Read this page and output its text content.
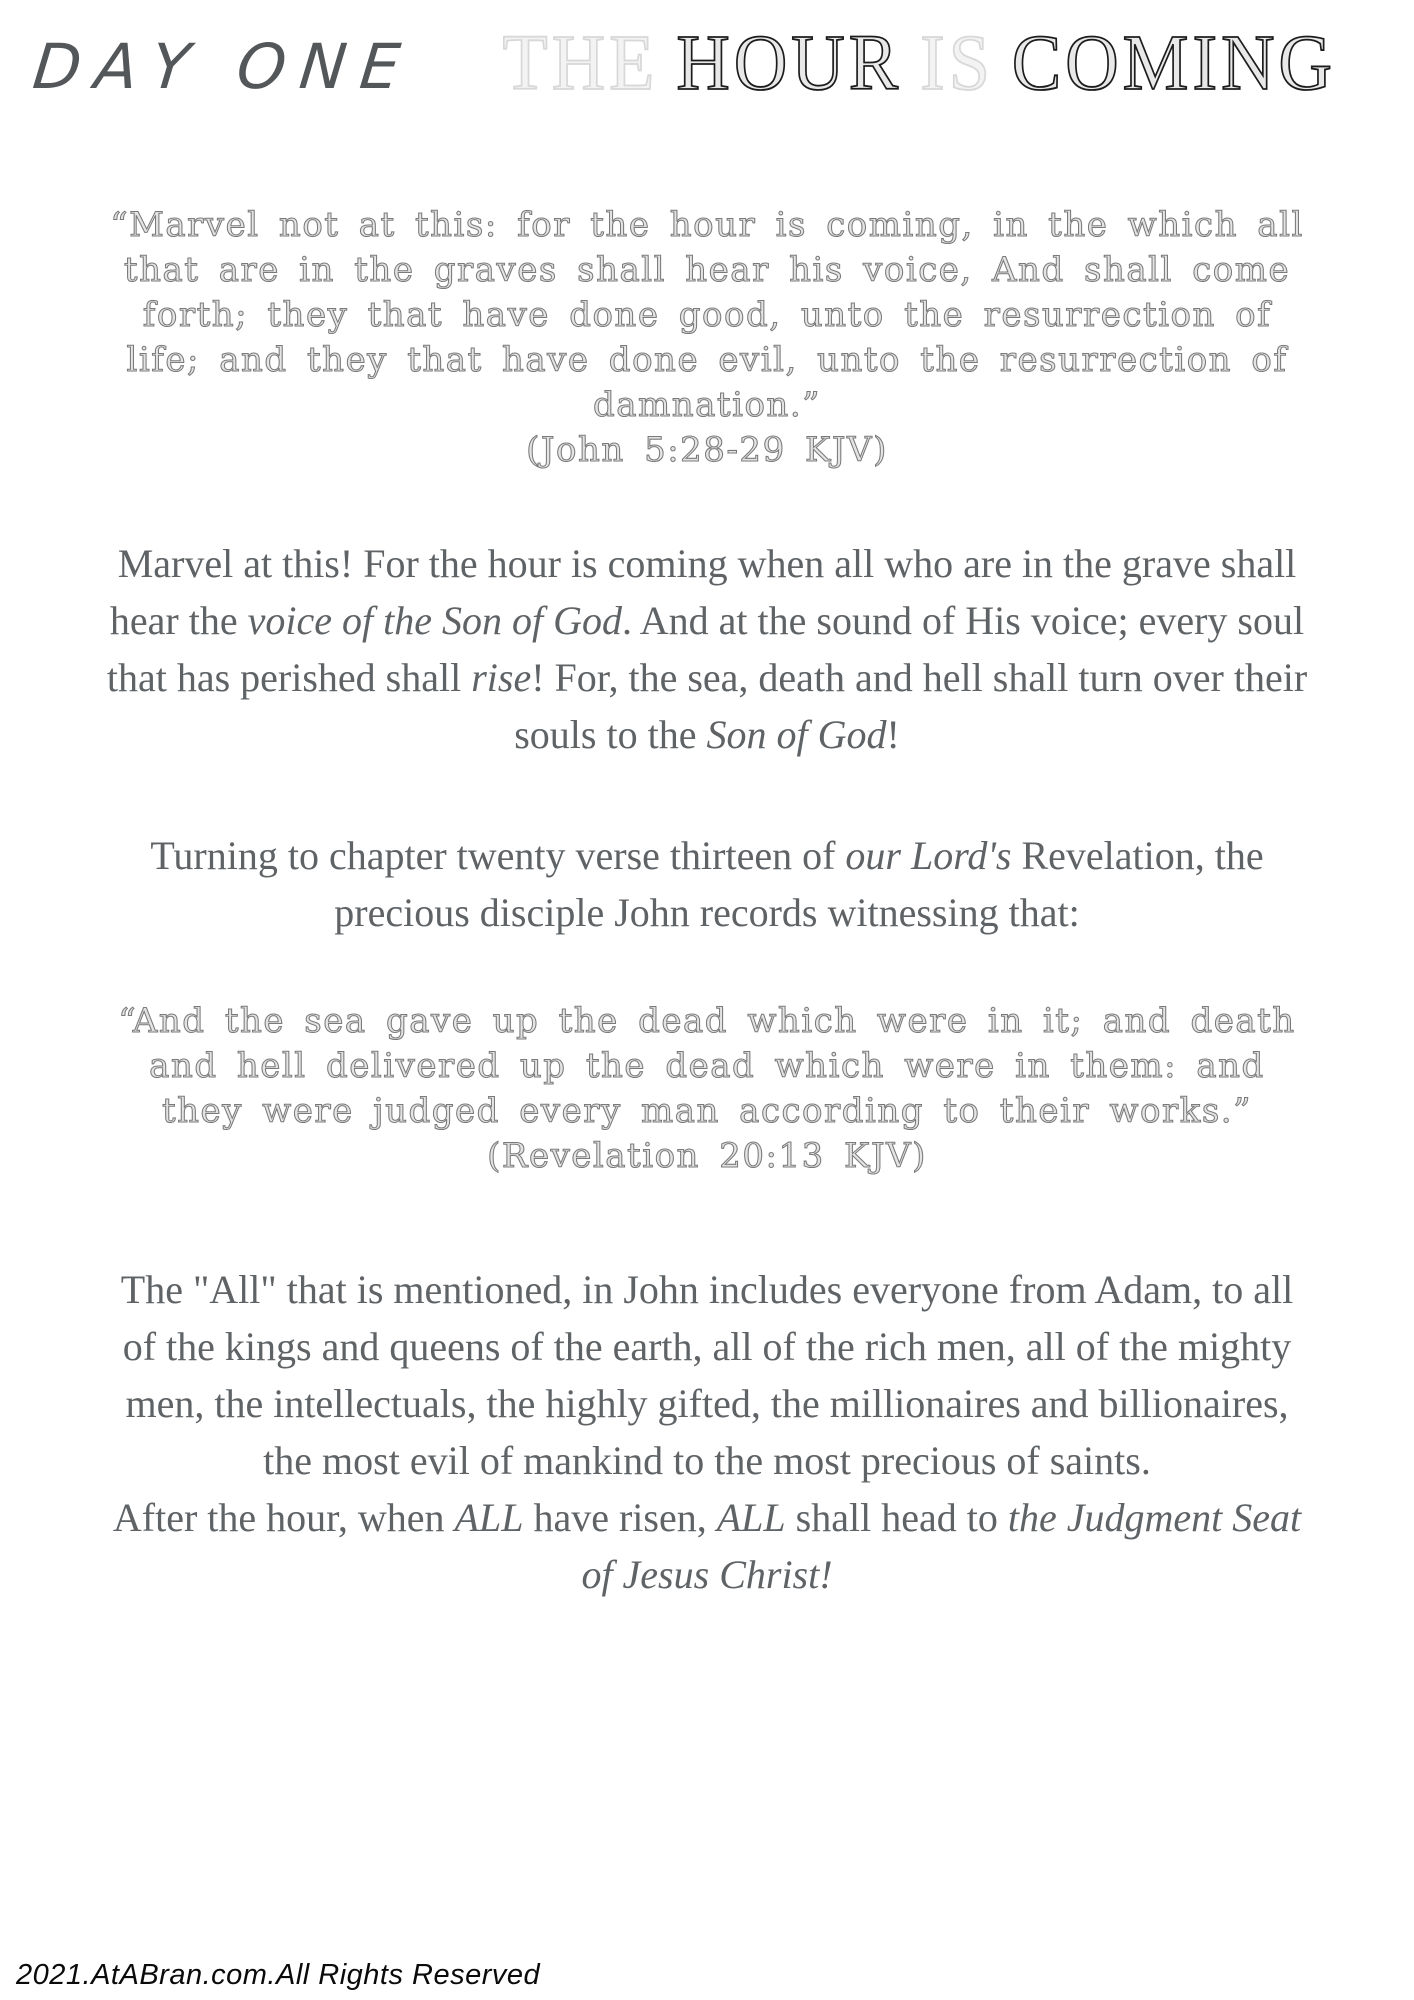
DAY ONE THE HOUR IS COMING
“Marvel not at this: for the hour is coming, in the which all that are in the graves shall hear his voice, And shall come forth; they that have done good, unto the resurrection of life; and they that have done evil, unto the resurrection of damnation.”
(John 5:28-29 KJV)

Marvel at this! For the hour is coming when all who are in the grave shall hear the voice of the Son of God. And at the sound of His voice; every soul that has perished shall rise! For, the sea, death and hell shall turn over their souls to the Son of God!

Turning to chapter twenty verse thirteen of our Lord's Revelation, the precious disciple John records witnessing that:

“And the sea gave up the dead which were in it; and death and hell delivered up the dead which were in them: and they were judged every man according to their works.”
(Revelation 20:13 KJV)

The "All" that is mentioned, in John includes everyone from Adam, to all of the kings and queens of the earth, all of the rich men, all of the mighty men, the intellectuals, the highly gifted, the millionaires and billionaires, the most evil of mankind to the most precious of saints.

After the hour, when ALL have risen, ALL shall head to the Judgment Seat of Jesus Christ!

2021.AtABran.com.All Rights Reserved
